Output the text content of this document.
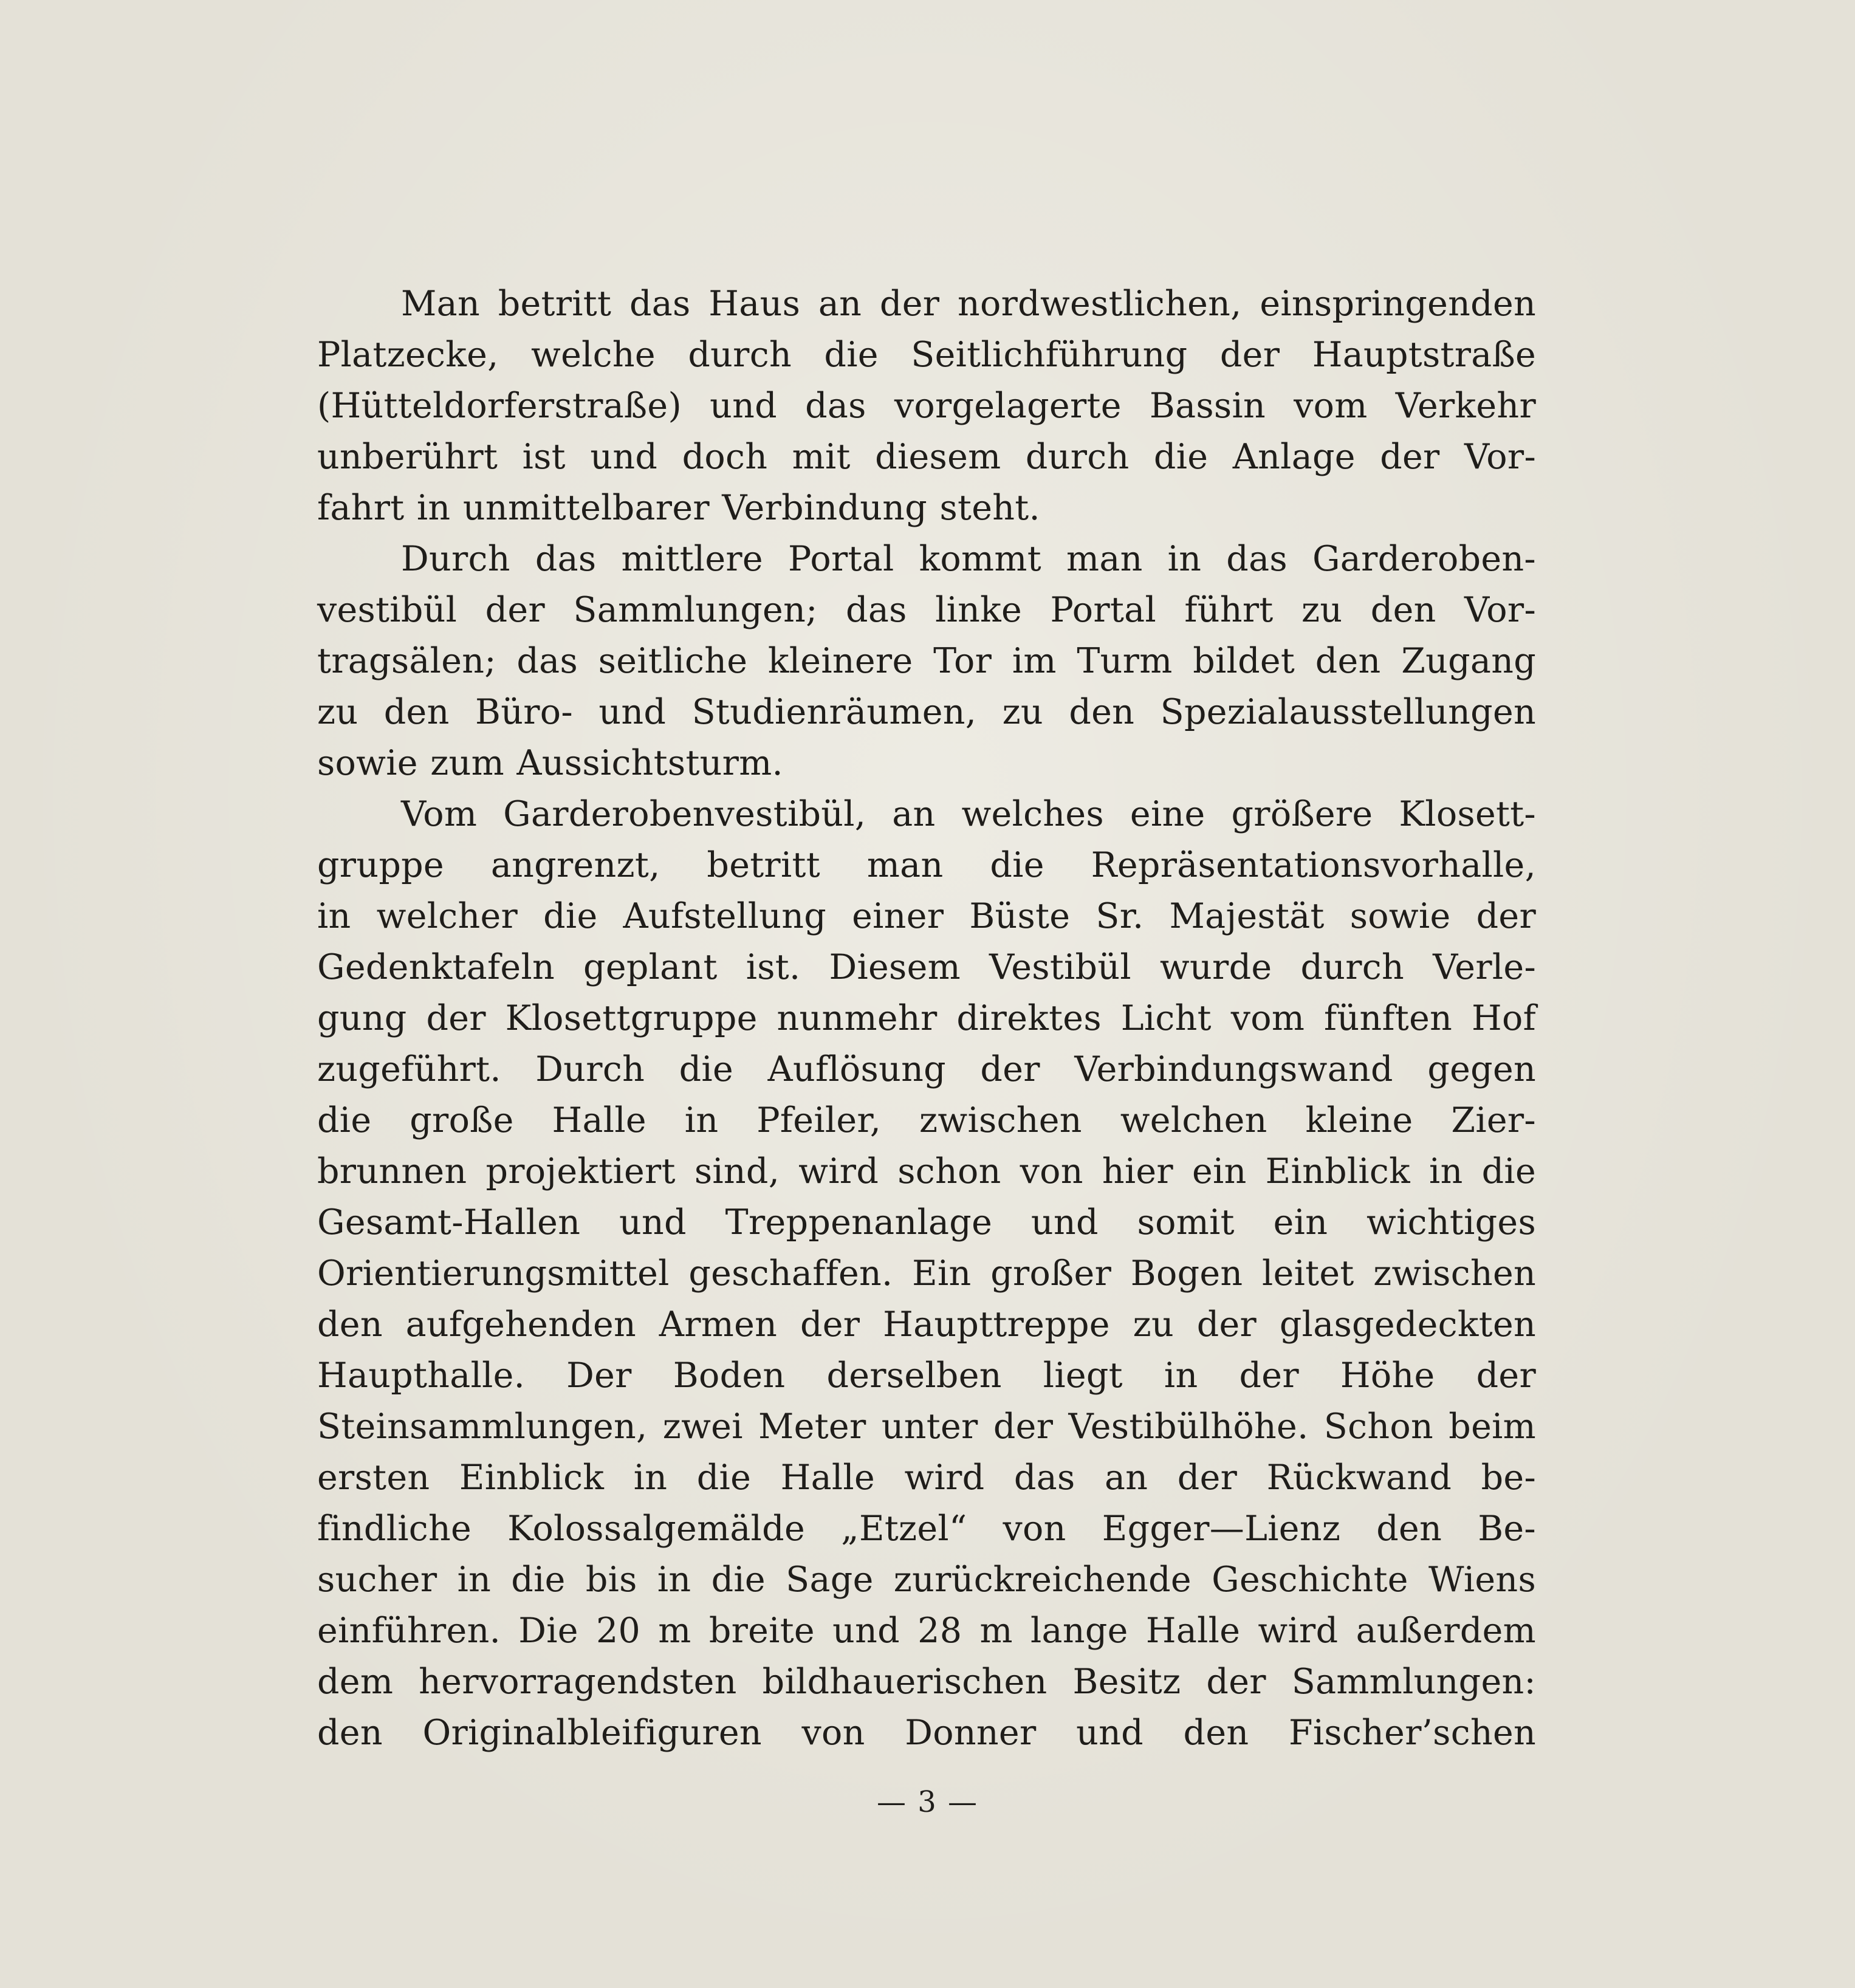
Man betritt das Haus an der nordwestlichen, einspringenden
Platzecke, welche durch die Seitlichführung der Hauptstraße
(Hütteldorferstraße) und das vorgelagerte Bassin vom Verkehr
unberührt ist und doch mit diesem durch die Anlage der Vor-
fahrt in unmittelbarer Verbindung steht.
Durch das mittlere Portal kommt man in das Garderoben-
vestibül der Sammlungen; das linke Portal führt zu den Vor-
tragsälen; das seitliche kleinere Tor im Turm bildet den Zugang
zu den Büro- und Studienräumen, zu den Spezialausstellungen
sowie zum Aussichtsturm.
Vom Garderobenvestibül, an welches eine größere Klosett-
gruppe angrenzt, betritt man die Repräsentationsvorhalle,
in welcher die Aufstellung einer Büste Sr. Majestät sowie der
Gedenktafeln geplant ist. Diesem Vestibül wurde durch Verle-
gung der Klosettgruppe nunmehr direktes Licht vom fünften Hof
zugeführt. Durch die Auflösung der Verbindungswand gegen
die große Halle in Pfeiler, zwischen welchen kleine Zier-
brunnen projektiert sind, wird schon von hier ein Einblick in die
Gesamt-Hallen und Treppenanlage und somit ein wichtiges
Orientierungsmittel geschaffen. Ein großer Bogen leitet zwischen
den aufgehenden Armen der Haupttreppe zu der glasgedeckten
Haupthalle. Der Boden derselben liegt in der Höhe der
Steinsammlungen, zwei Meter unter der Vestibülhöhe. Schon beim
ersten Einblick in die Halle wird das an der Rückwand be-
findliche Kolossalgemälde „Etzel“ von Egger—Lienz den Be-
sucher in die bis in die Sage zurückreichende Geschichte Wiens
einführen. Die 20 m breite und 28 m lange Halle wird außerdem
dem hervorragendsten bildhauerischen Besitz der Sammlungen:
den Originalbleifiguren von Donner und den Fischer’schen
— 3 —
